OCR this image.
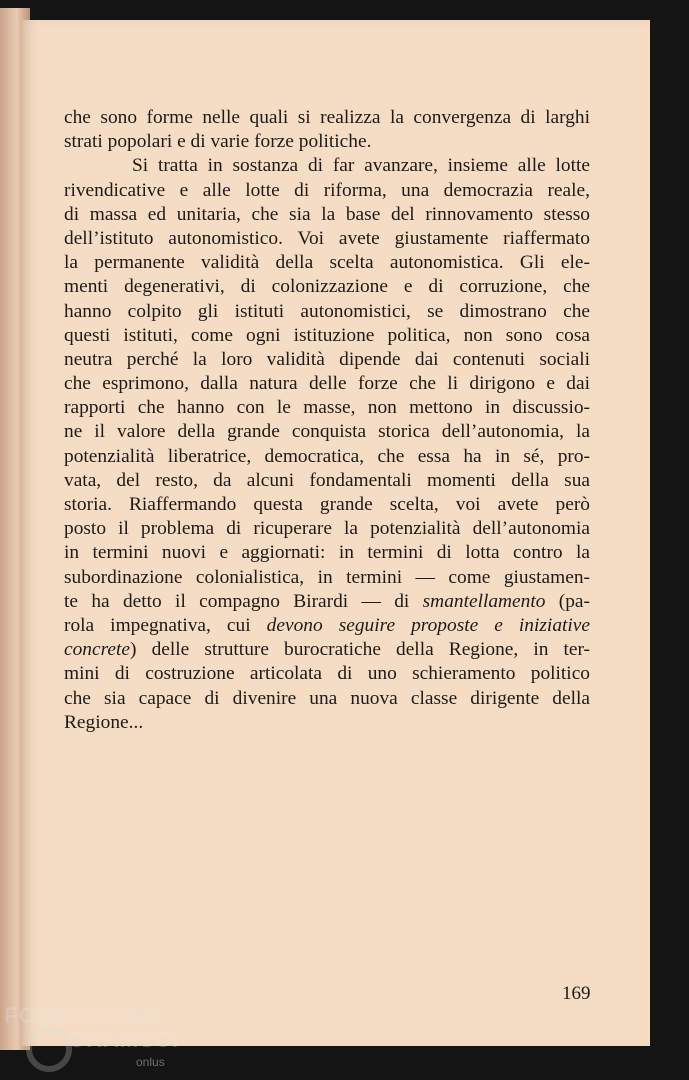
che sono forme nelle quali si realizza la convergenza di larghi
strati popolari e di varie forze politiche.
Si tratta in sostanza di far avanzare, insieme alle lotte
rivendicative e alle lotte di riforma, una democrazia reale,
di massa ed unitaria, che sia la base del rinnovamento stesso
dell’istituto autonomistico. Voi avete giustamente riaffermato
la permanente validità della scelta autonomistica. Gli ele-
menti degenerativi, di colonizzazione e di corruzione, che
hanno colpito gli istituti autonomistici, se dimostrano che
questi istituti, come ogni istituzione politica, non sono cosa
neutra perché la loro validità dipende dai contenuti sociali
che esprimono, dalla natura delle forze che li dirigono e dai
rapporti che hanno con le masse, non mettono in discussio-
ne il valore della grande conquista storica dell’autonomia, la
potenzialità liberatrice, democratica, che essa ha in sé, pro-
vata, del resto, da alcuni fondamentali momenti della sua
storia. Riaffermando questa grande scelta, voi avete però
posto il problema di ricuperare la potenzialità dell’autonomia
in termini nuovi e aggiornati: in termini di lotta contro la
subordinazione colonialistica, in termini — come giustamen-
te ha detto il compagno Birardi — di smantellamento (pa-
rola impegnativa, cui devono seguire proposte e iniziative
concrete) delle strutture burocratiche della Regione, in ter-
mini di costruzione articolata di uno schieramento politico
che sia capace di divenire una nuova classe dirigente della
Regione...
169
FONDAZIONE
GRAMSCI
onlus
